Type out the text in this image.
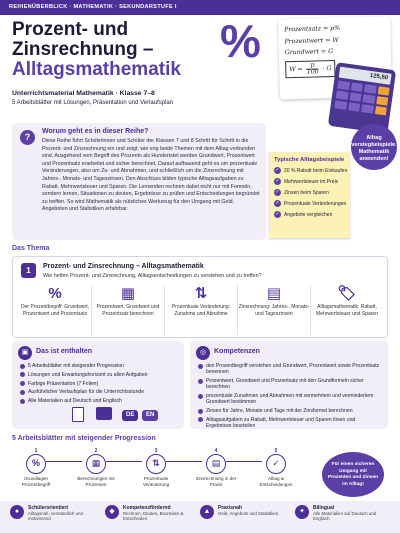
REIHENÜBERBLICK · MATHEMATIK · SEKUNDARSTUFE I
Prozent- und
Zinsrechnung –
Alltagsmathematik
Unterrichtsmaterial Mathematik · Klasse 7–8
5 Arbeitsblätter mit Lösungen, Präsentation und Verlaufsplan
%	Prozentsatz = p%
Prozentwert = W
Grundwert = G
$W = \frac{p}{100} \cdot G$
125,50
Alltag verstegbeispiele. Mathematik anwenden!
?
Worum geht es in dieser Reihe?

Diese Reihe führt Schülerinnen und Schüler der Klassen 7 und 8 Schritt für Schritt in die Prozent- und Zinsrechnung ein und zeigt, wie eng beide Themen mit dem Alltag verbunden sind. Ausgehend vom Begriff des Prozents als Hundertstel werden Grundwert, Prozentwert und Prozentsatz erarbeitet und sicher berechnet. Darauf aufbauend geht es um prozentuale Veränderungen, also um Zu- und Abnahmen, und schließlich um die Zinsrechnung mit Jahres-, Monats- und Tageszinsen. Den Abschluss bilden typische Alltagsaufgaben zu Rabatt, Mehrwertsteuer und Sparen. Die Lernenden rechnen dabei nicht nur mit Formeln, sondern lernen, Situationen zu deuten, Ergebnisse zu prüfen und Entscheidungen begründet zu treffen. So wird Mathematik als nützliches Werkzeug für den Umgang mit Geld, Angeboten und Statistiken erfahrbar.

Typische Alltagsbeispiele
✓ 20 % Rabatt beim Einkaufen
✓ Mehrwertsteuer im Preis
✓ Zinsen beim Sparen
✓ Prozentuale Veränderungen
✓ Angebote vergleichen
Das Thema
1	Prozent- und Zinsrechnung – Alltagsmathematik
Wie helfen Prozent- und Zinsrechnung, Alltagsentscheidungen zu verstehen und zu treffen?
%
Der Prozentbegriff: Grundwert, Prozentwert und Prozentsatz
▦
Prozentwert, Grundwert und Prozentsatz berechnen
⇅
Prozentuale Veränderung: Zunahme und Abnahme
▤
Zinsrechnung: Jahres-, Monats- und Tageszinsen
🏷
Alltagsmathematik: Rabatt, Mehrwertsteuer und Sparen
▣	Das ist enthalten
5 Arbeitsblätter mit steigender Progression
Lösungen und Erwartungshorizont zu allen Aufgaben
Farbige Präsentation (7 Folien)
Ausführlicher Verlaufsplan für die Unterrichtsstunde
Alle Materialien auf Deutsch und Englisch
DE	EN
◎	Kompetenzen
den Prozentbegriff verstehen und Grundwert, Prozentwert sowie Prozentsatz benennen
Prozentwert, Grundwert und Prozentsatz mit den Grundformeln sicher berechnen
prozentuale Zunahmen und Abnahmen mit vermehrtem und vermindertem Grundwert bestimmen
Zinsen für Jahre, Monate und Tage mit der Zinsformel berechnen
Alltagsaufgaben zu Rabatt, Mehrwertsteuer und Sparen lösen und Ergebnisse beurteilen
5 Arbeitsblätter mit steigender Progression
1
%
Grundlagen Prozentbegriff
2
▦
Berechnungen mit Prozenten
3
⇅
Prozentuale Veränderung
4
▤
Zinsrechnung in der Praxis
5
✓
Alltag & Entscheidungen
Für einen sicheren Umgang mit Prozenten und Zinsen im Alltag!
●	Schülerorientiert
Alltagsnah, verständlich und motivierend
◆	Kompetenzfördernd
Rechnen, Deuten, Beurteilen & Entscheiden
▲	Praxisnah
Geld, Angebote und Statistiken	✦	Bilingual
Alle Materialien auf Deutsch und Englisch
